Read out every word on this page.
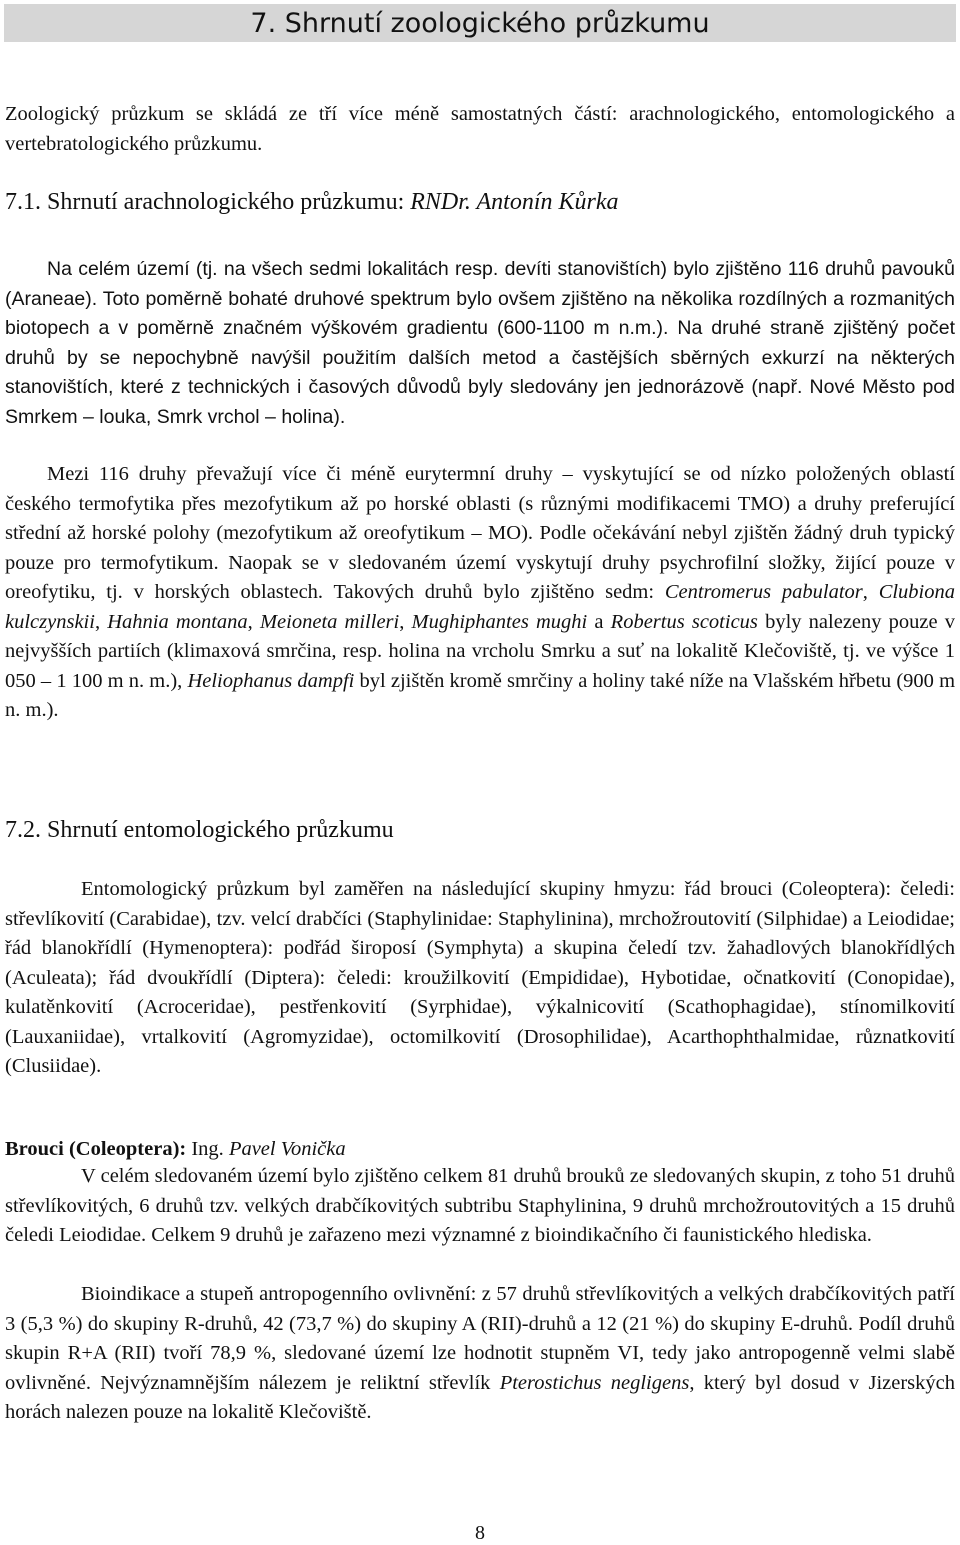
7. Shrnutí zoologického průzkumu

Zoologický průzkum se skládá ze tří více méně samostatných částí: arachnologického, entomologického a vertebratologického průzkumu.

7.1. Shrnutí arachnologického průzkumu: RNDr. Antonín Kůrka

Na celém území (tj. na všech sedmi lokalitách resp. devíti stanovištích) bylo zjištěno 116 druhů pavouků (Araneae). Toto poměrně bohaté druhové spektrum bylo ovšem zjištěno na několika rozdílných a rozmanitých biotopech a v poměrně značném výškovém gradientu (600-1100 m n.m.). Na druhé straně zjištěný počet druhů by se nepochybně navýšil použitím dalších metod a častějších sběrných exkurzí na některých stanovištích, které z technických i časových důvodů byly sledovány jen jednorázově (např. Nové Město pod Smrkem – louka, Smrk vrchol – holina).

Mezi 116 druhy převažují více či méně eurytermní druhy – vyskytující se od nízko položených oblastí českého termofytika přes mezofytikum až po horské oblasti (s různými modifikacemi TMO) a druhy preferující střední až horské polohy (mezofytikum až oreofytikum – MO). Podle očekávání nebyl zjištěn žádný druh typický pouze pro termofytikum. Naopak se v sledovaném území vyskytují druhy psychrofilní složky, žijící pouze v oreofytiku, tj. v horských oblastech. Takových druhů bylo zjištěno sedm: Centromerus pabulator, Clubiona kulczynskii, Hahnia montana, Meioneta milleri, Mughiphantes mughi a Robertus scoticus byly nalezeny pouze v nejvyšších partiích (klimaxová smrčina, resp. holina na vrcholu Smrku a suť na lokalitě Klečoviště, tj. ve výšce 1 050 – 1 100 m n. m.), Heliophanus dampfi byl zjištěn kromě smrčiny a holiny také níže na Vlašském hřbetu (900 m n. m.).

7.2. Shrnutí entomologického průzkumu

Entomologický průzkum byl zaměřen na následující skupiny hmyzu: řád brouci (Coleoptera): čeledi: střevlíkovití (Carabidae), tzv. velcí drabčíci (Staphylinidae: Staphylinina), mrchožroutovití (Silphidae) a Leiodidae; řád blanokřídlí (Hymenoptera): podřád široposí (Symphyta) a skupina čeledí tzv. žahadlových blanokřídlých (Aculeata); řád dvoukřídlí (Diptera): čeledi: kroužilkovití (Empididae), Hybotidae, očnatkovití (Conopidae), kulatěnkovití (Acroceridae), pestřenkovití (Syrphidae), výkalnicovití (Scathophagidae), stínomilkovití (Lauxaniidae), vrtalkovití (Agromyzidae), octomilkovití (Drosophilidae), Acarthophthalmidae, různatkovití (Clusiidae).

Brouci (Coleoptera): Ing. Pavel Vonička

V celém sledovaném území bylo zjištěno celkem 81 druhů brouků ze sledovaných skupin, z toho 51 druhů střevlíkovitých, 6 druhů tzv. velkých drabčíkovitých subtribu Staphylinina, 9 druhů mrchožroutovitých a 15 druhů čeledi Leiodidae. Celkem 9 druhů je zařazeno mezi významné z bioindikačního či faunistického hlediska.

Bioindikace a stupeň antropogenního ovlivnění: z 57 druhů střevlíkovitých a velkých drabčíkovitých patří 3 (5,3 %) do skupiny R-druhů, 42 (73,7 %) do skupiny A (RII)-druhů a 12 (21 %) do skupiny E-druhů. Podíl druhů skupin R+A (RII) tvoří 78,9 %, sledované území lze hodnotit stupněm VI, tedy jako antropogenně velmi slabě ovlivněné. Nejvýznamnějším nálezem je reliktní střevlík Pterostichus negligens, který byl dosud v Jizerských horách nalezen pouze na lokalitě Klečoviště.

8
